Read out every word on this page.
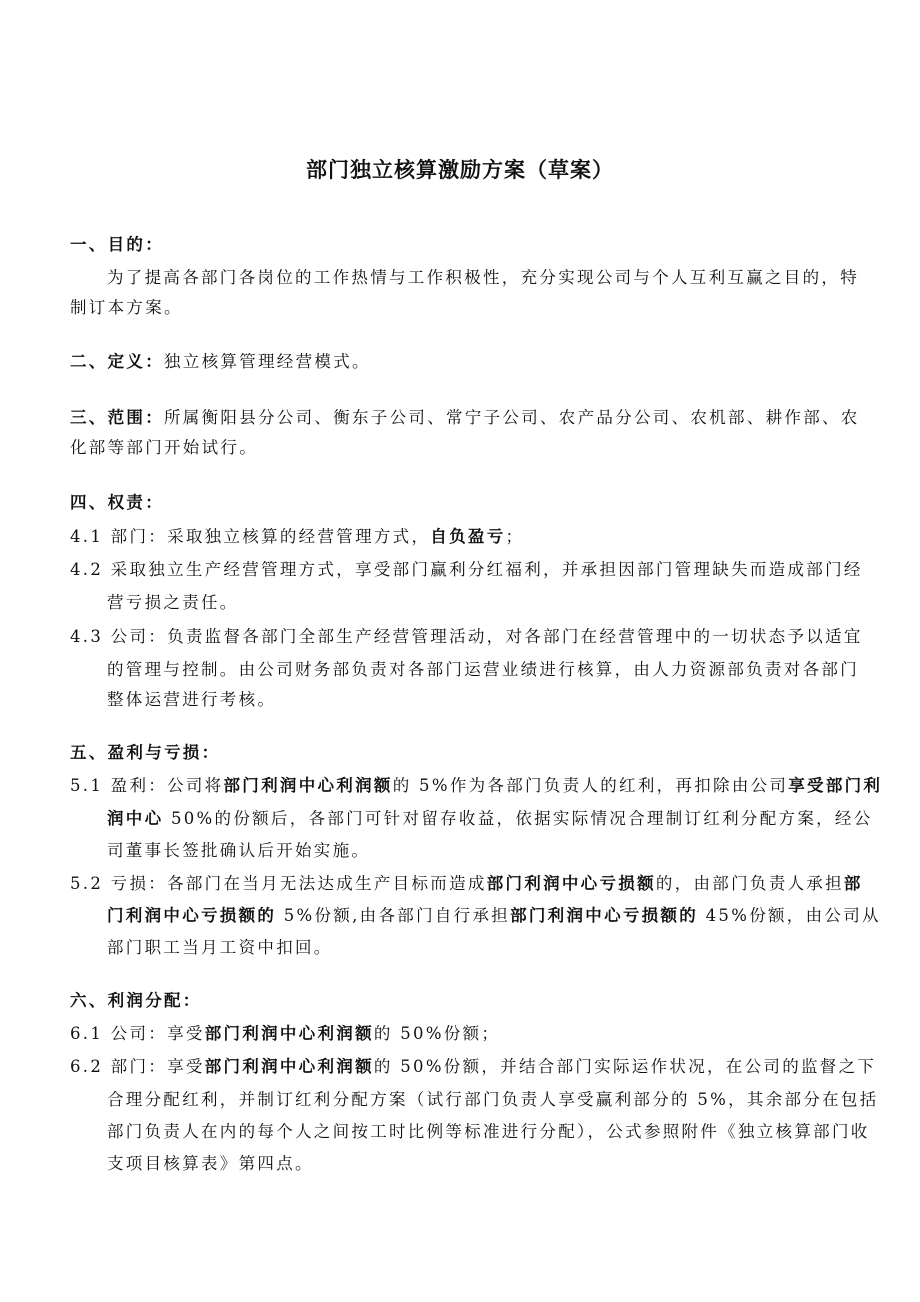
部门独立核算激励方案（草案）
一、目的：
为了提高各部门各岗位的工作热情与工作积极性，充分实现公司与个人互利互赢之目的，特
制订本方案。
二、定义：独立核算管理经营模式。
三、范围：所属衡阳县分公司、衡东子公司、常宁子公司、农产品分公司、农机部、耕作部、农
化部等部门开始试行。
四、权责：
4.1 部门：采取独立核算的经营管理方式，自负盈亏；
4.2 采取独立生产经营管理方式，享受部门赢利分红福利，并承担因部门管理缺失而造成部门经
营亏损之责任。
4.3 公司：负责监督各部门全部生产经营管理活动，对各部门在经营管理中的一切状态予以适宜
的管理与控制。由公司财务部负责对各部门运营业绩进行核算，由人力资源部负责对各部门
整体运营进行考核。
五、盈利与亏损：
5.1 盈利：公司将部门利润中心利润额的 5%作为各部门负责人的红利，再扣除由公司享受部门利
润中心 50%的份额后，各部门可针对留存收益，依据实际情况合理制订红利分配方案，经公
司董事长签批确认后开始实施。
5.2 亏损：各部门在当月无法达成生产目标而造成部门利润中心亏损额的，由部门负责人承担部
门利润中心亏损额的 5%份额,由各部门自行承担部门利润中心亏损额的 45%份额，由公司从
部门职工当月工资中扣回。
六、利润分配：
6.1 公司：享受部门利润中心利润额的 50%份额；
6.2 部门：享受部门利润中心利润额的 50%份额，并结合部门实际运作状况，在公司的监督之下
合理分配红利，并制订红利分配方案（试行部门负责人享受赢利部分的 5%，其余部分在包括
部门负责人在内的每个人之间按工时比例等标准进行分配），公式参照附件《独立核算部门收
支项目核算表》第四点。
